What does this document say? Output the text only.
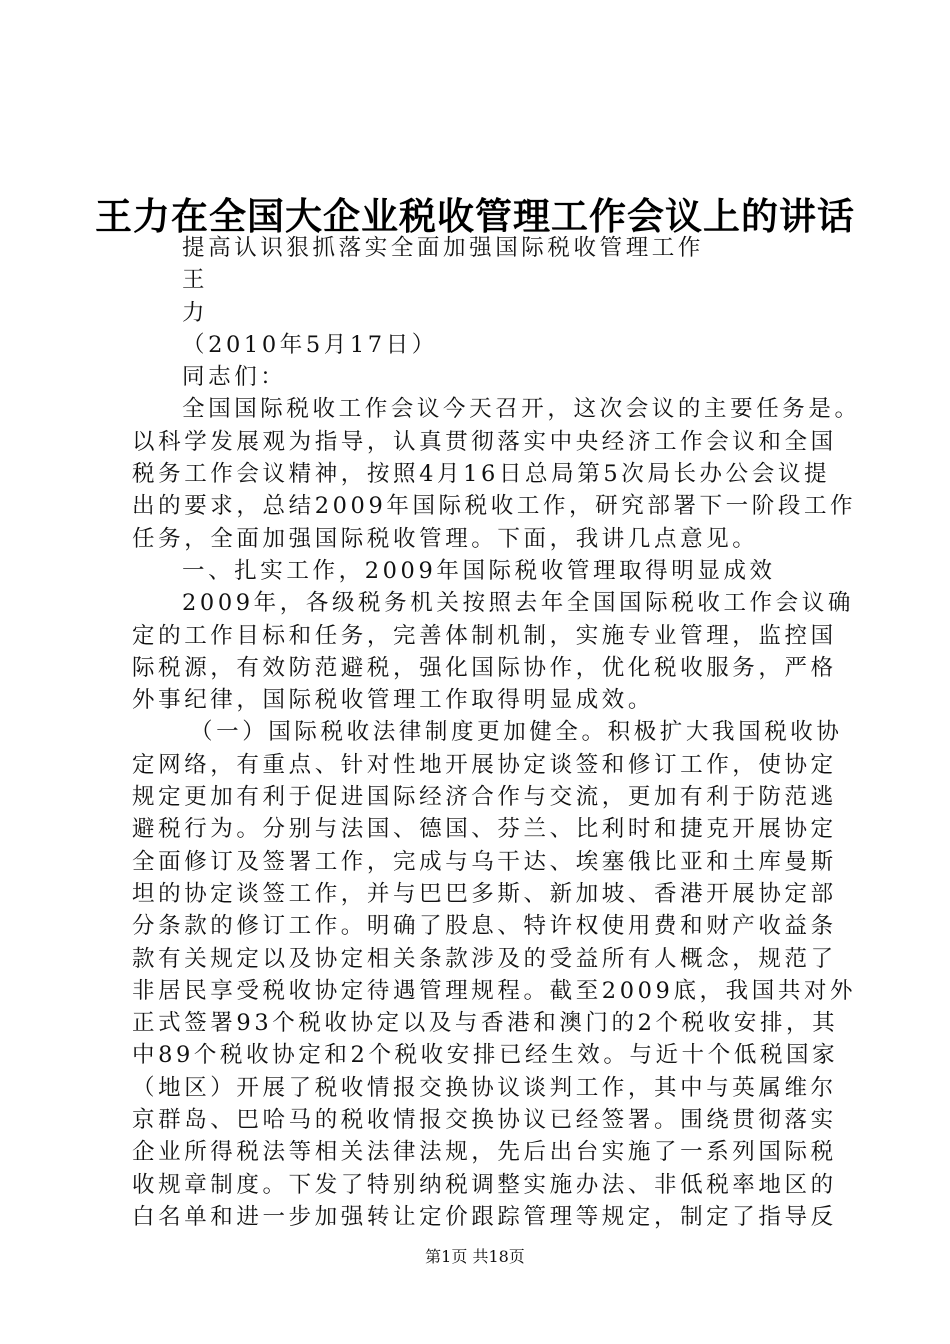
王力在全国大企业税收管理工作会议上的讲话
提高认识狠抓落实全面加强国际税收管理工作
王
力
（2010年5月17日）
同志们：
全国国际税收工作会议今天召开，这次会议的主要任务是。
以科学发展观为指导，认真贯彻落实中央经济工作会议和全国
税务工作会议精神，按照4月16日总局第5次局长办公会议提
出的要求，总结2009年国际税收工作，研究部署下一阶段工作
任务，全面加强国际税收管理。下面，我讲几点意见。
一、扎实工作，2009年国际税收管理取得明显成效
2009年，各级税务机关按照去年全国国际税收工作会议确
定的工作目标和任务，完善体制机制，实施专业管理，监控国
际税源，有效防范避税，强化国际协作，优化税收服务，严格
外事纪律，国际税收管理工作取得明显成效。
（一）国际税收法律制度更加健全。积极扩大我国税收协
定网络，有重点、针对性地开展协定谈签和修订工作，使协定
规定更加有利于促进国际经济合作与交流，更加有利于防范逃
避税行为。分别与法国、德国、芬兰、比利时和捷克开展协定
全面修订及签署工作，完成与乌干达、埃塞俄比亚和土库曼斯
坦的协定谈签工作，并与巴巴多斯、新加坡、香港开展协定部
分条款的修订工作。明确了股息、特许权使用费和财产收益条
款有关规定以及协定相关条款涉及的受益所有人概念，规范了
非居民享受税收协定待遇管理规程。截至2009底，我国共对外
正式签署93个税收协定以及与香港和澳门的2个税收安排，其
中89个税收协定和2个税收安排已经生效。与近十个低税国家
（地区）开展了税收情报交换协议谈判工作，其中与英属维尔
京群岛、巴哈马的税收情报交换协议已经签署。围绕贯彻落实
企业所得税法等相关法律法规，先后出台实施了一系列国际税
收规章制度。下发了特别纳税调整实施办法、非低税率地区的
白名单和进一步加强转让定价跟踪管理等规定，制定了指导反
第1页 共18页
